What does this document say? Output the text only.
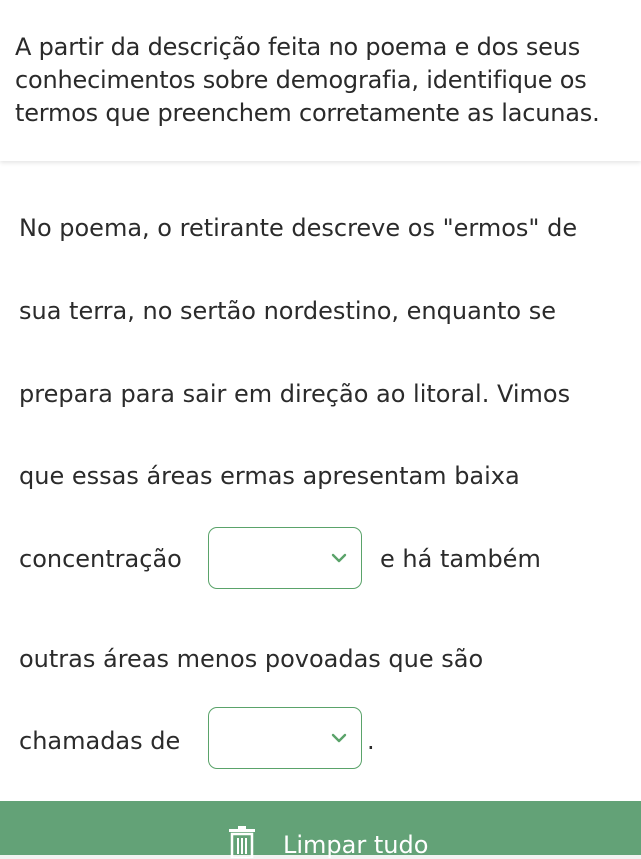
A partir da descrição feita no poema e dos seus
conhecimentos sobre demografia, identifique os
termos que preenchem corretamente as lacunas.

No poema, o retirante descreve os "ermos" de
sua terra, no sertão nordestino, enquanto se
prepara para sair em direção ao litoral. Vimos
que essas áreas ermas apresentam baixa
concentração	e há também
outras áreas menos povoadas que são
chamadas de	.
Limpar tudo
